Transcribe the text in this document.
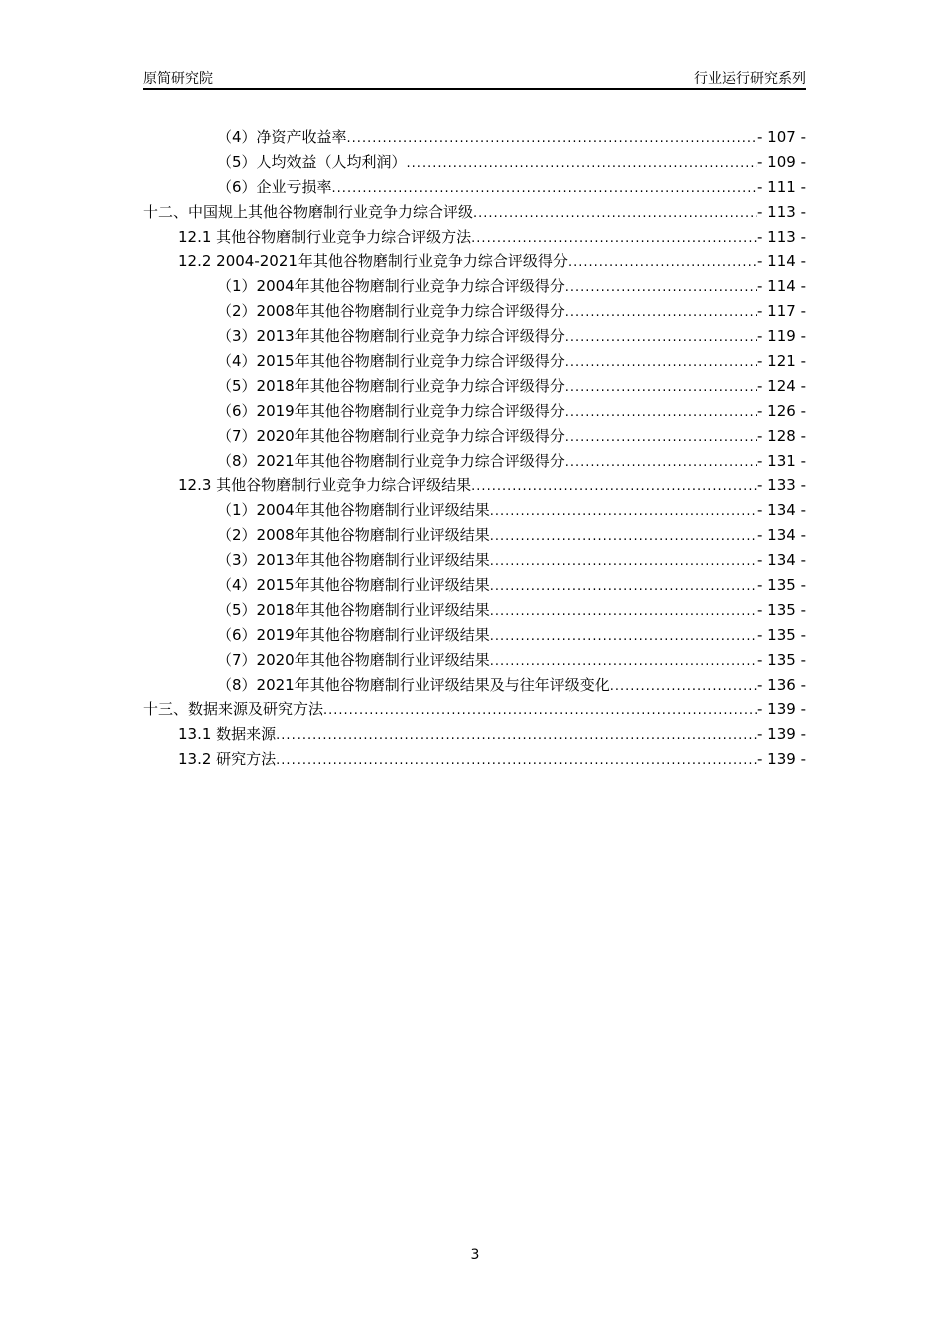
原简研究院	行业运行研究系列
（4）净资产收益率 .....	- 107 -
（5）人均效益（人均利润） .....	- 109 -
（6）企业亏损率 .....	- 111 -
十二、中国规上其他谷物磨制行业竞争力综合评级 .....	- 113 -
12.1 其他谷物磨制行业竞争力综合评级方法 .....	- 113 -
12.2 2004-2021年其他谷物磨制行业竞争力综合评级得分 .....	- 114 -
（1）2004年其他谷物磨制行业竞争力综合评级得分 .....	- 114 -
（2）2008年其他谷物磨制行业竞争力综合评级得分 .....	- 117 -
（3）2013年其他谷物磨制行业竞争力综合评级得分 .....	- 119 -
（4）2015年其他谷物磨制行业竞争力综合评级得分 .....	- 121 -
（5）2018年其他谷物磨制行业竞争力综合评级得分 .....	- 124 -
（6）2019年其他谷物磨制行业竞争力综合评级得分 .....	- 126 -
（7）2020年其他谷物磨制行业竞争力综合评级得分 .....	- 128 -
（8）2021年其他谷物磨制行业竞争力综合评级得分 .....	- 131 -
12.3 其他谷物磨制行业竞争力综合评级结果 .....	- 133 -
（1）2004年其他谷物磨制行业评级结果 .....	- 134 -
（2）2008年其他谷物磨制行业评级结果 .....	- 134 -
（3）2013年其他谷物磨制行业评级结果 .....	- 134 -
（4）2015年其他谷物磨制行业评级结果 .....	- 135 -
（5）2018年其他谷物磨制行业评级结果 .....	- 135 -
（6）2019年其他谷物磨制行业评级结果 .....	- 135 -
（7）2020年其他谷物磨制行业评级结果 .....	- 135 -
（8）2021年其他谷物磨制行业评级结果及与往年评级变化 .....	- 136 -
十三、数据来源及研究方法 .....	- 139 -
13.1 数据来源 .....	- 139 -
13.2 研究方法 .....	- 139 -
3
